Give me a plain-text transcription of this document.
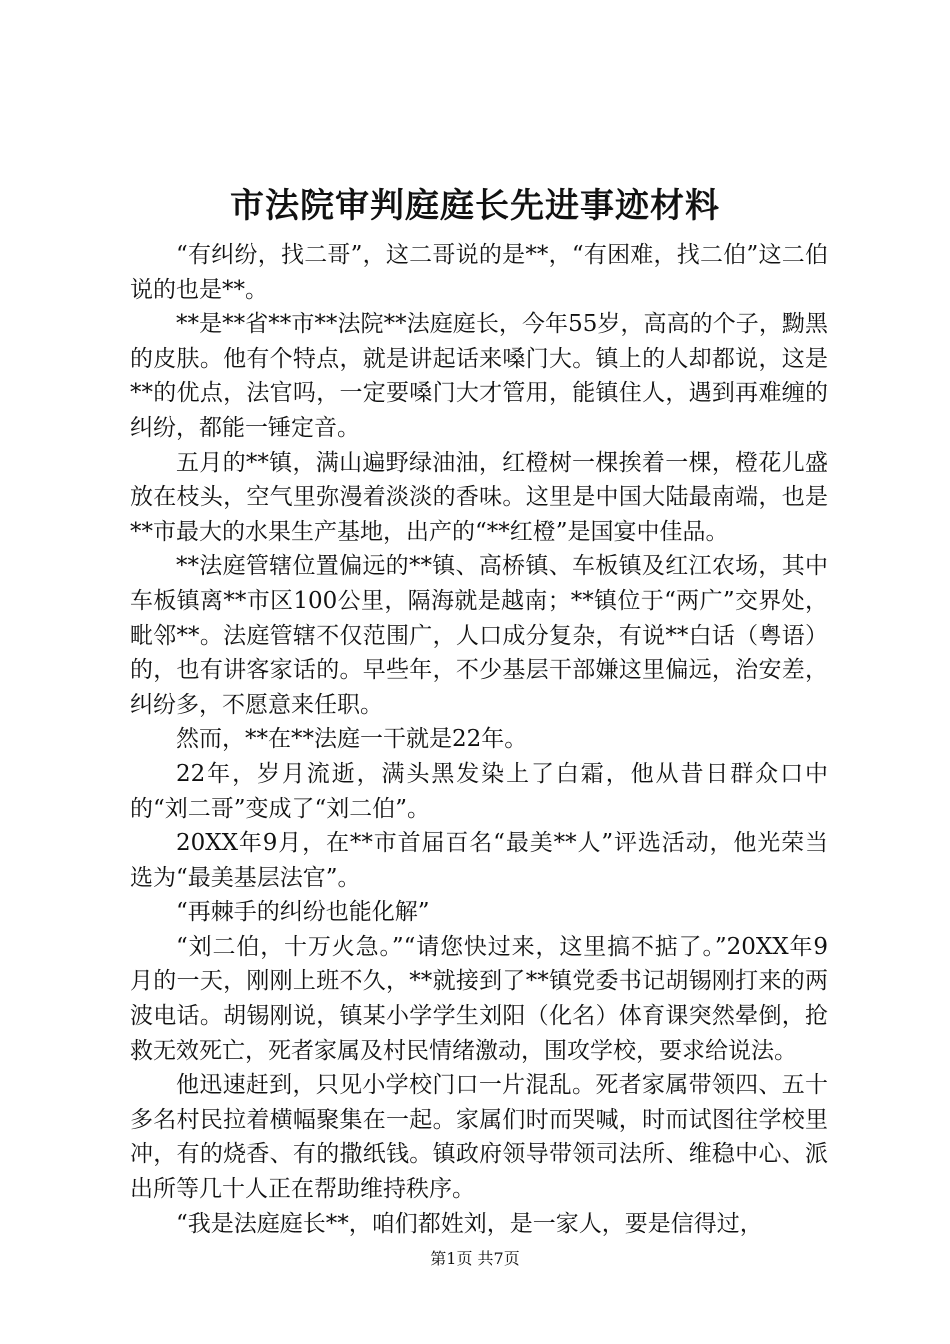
市法院审判庭庭长先进事迹材料

“有纠纷，找二哥”，这二哥说的是**，“有困难，找二伯”这二伯说的也是**。

**是**省**市**法院**法庭庭长，今年55岁，高高的个子，黝黑的皮肤。他有个特点，就是讲起话来嗓门大。镇上的人却都说，这是**的优点，法官吗，一定要嗓门大才管用，能镇住人，遇到再难缠的纠纷，都能一锤定音。

五月的**镇，满山遍野绿油油，红橙树一棵挨着一棵，橙花儿盛放在枝头，空气里弥漫着淡淡的香味。这里是中国大陆最南端，也是**市最大的水果生产基地，出产的“**红橙”是国宴中佳品。

**法庭管辖位置偏远的**镇、高桥镇、车板镇及红江农场，其中车板镇离**市区100公里，隔海就是越南；**镇位于“两广”交界处，毗邻**。法庭管辖不仅范围广，人口成分复杂，有说**白话（粤语）的，也有讲客家话的。早些年，不少基层干部嫌这里偏远，治安差，纠纷多，不愿意来任职。

然而，**在**法庭一干就是22年。

22年，岁月流逝，满头黑发染上了白霜，他从昔日群众口中的“刘二哥”变成了“刘二伯”。

20XX年9月，在**市首届百名“最美**人”评选活动，他光荣当选为“最美基层法官”。

“再棘手的纠纷也能化解”

“刘二伯，十万火急。”“请您快过来，这里搞不掂了。”20XX年9月的一天，刚刚上班不久，**就接到了**镇党委书记胡锡刚打来的两波电话。胡锡刚说，镇某小学学生刘阳（化名）体育课突然晕倒，抢救无效死亡，死者家属及村民情绪激动，围攻学校，要求给说法。

他迅速赶到，只见小学校门口一片混乱。死者家属带领四、五十多名村民拉着横幅聚集在一起。家属们时而哭喊，时而试图往学校里冲，有的烧香、有的撒纸钱。镇政府领导带领司法所、维稳中心、派出所等几十人正在帮助维持秩序。

“我是法庭庭长**，咱们都姓刘，是一家人，要是信得过，

第1页 共7页
